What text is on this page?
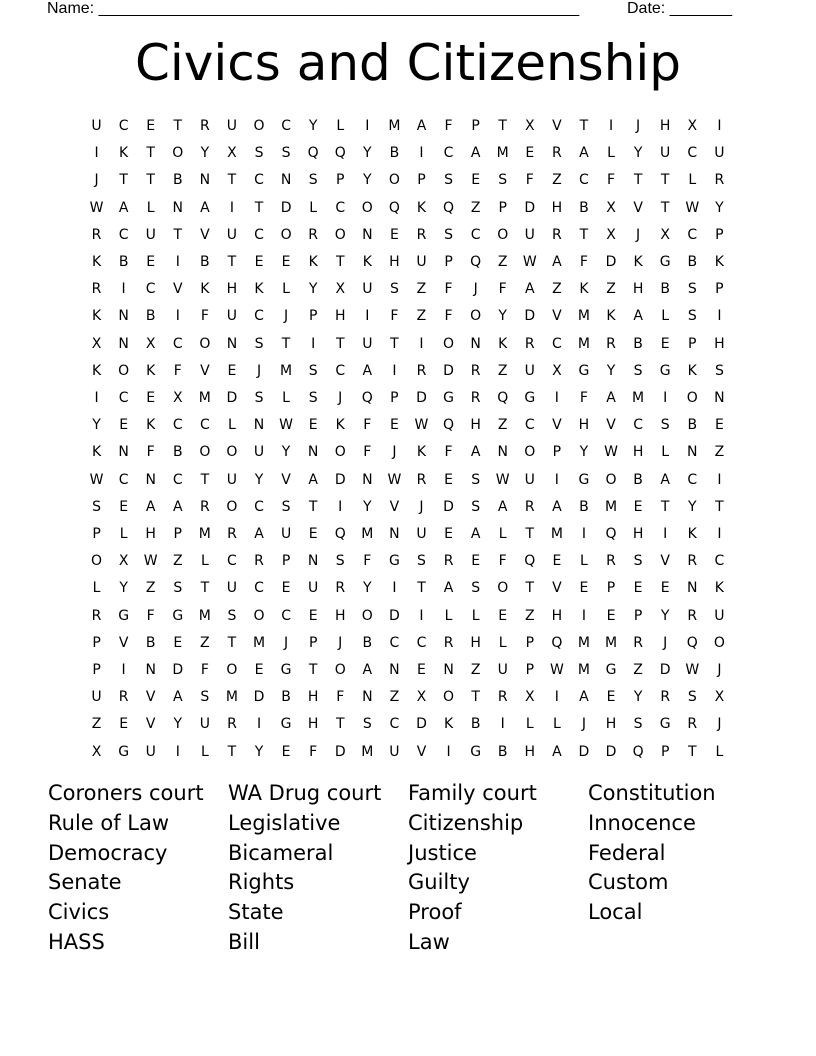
Name: ______________________________________________________	Date: _______
Civics and Citizenship
U	C	E	T	R	U	O	C	Y	L	I	M	A	F	P	T	X	V	T	I	J	H	X	I
I	K	T	O	Y	X	S	S	Q	Q	Y	B	I	C	A	M	E	R	A	L	Y	U	C	U
J	T	T	B	N	T	C	N	S	P	Y	O	P	S	E	S	F	Z	C	F	T	T	L	R
W	A	L	N	A	I	T	D	L	C	O	Q	K	Q	Z	P	D	H	B	X	V	T	W	Y
R	C	U	T	V	U	C	O	R	O	N	E	R	S	C	O	U	R	T	X	J	X	C	P
K	B	E	I	B	T	E	E	K	T	K	H	U	P	Q	Z	W	A	F	D	K	G	B	K
R	I	C	V	K	H	K	L	Y	X	U	S	Z	F	J	F	A	Z	K	Z	H	B	S	P
K	N	B	I	F	U	C	J	P	H	I	F	Z	F	O	Y	D	V	M	K	A	L	S	I
X	N	X	C	O	N	S	T	I	T	U	T	I	O	N	K	R	C	M	R	B	E	P	H
K	O	K	F	V	E	J	M	S	C	A	I	R	D	R	Z	U	X	G	Y	S	G	K	S
I	C	E	X	M	D	S	L	S	J	Q	P	D	G	R	Q	G	I	F	A	M	I	O	N
Y	E	K	C	C	L	N	W	E	K	F	E	W	Q	H	Z	C	V	H	V	C	S	B	E
K	N	F	B	O	O	U	Y	N	O	F	J	K	F	A	N	O	P	Y	W	H	L	N	Z
W	C	N	C	T	U	Y	V	A	D	N	W	R	E	S	W	U	I	G	O	B	A	C	I
S	E	A	A	R	O	C	S	T	I	Y	V	J	D	S	A	R	A	B	M	E	T	Y	T
P	L	H	P	M	R	A	U	E	Q	M	N	U	E	A	L	T	M	I	Q	H	I	K	I
O	X	W	Z	L	C	R	P	N	S	F	G	S	R	E	F	Q	E	L	R	S	V	R	C
L	Y	Z	S	T	U	C	E	U	R	Y	I	T	A	S	O	T	V	E	P	E	E	N	K
R	G	F	G	M	S	O	C	E	H	O	D	I	L	L	E	Z	H	I	E	P	Y	R	U
P	V	B	E	Z	T	M	J	P	J	B	C	C	R	H	L	P	Q	M	M	R	J	Q	O
P	I	N	D	F	O	E	G	T	O	A	N	E	N	Z	U	P	W	M	G	Z	D	W	J
U	R	V	A	S	M	D	B	H	F	N	Z	X	O	T	R	X	I	A	E	Y	R	S	X
Z	E	V	Y	U	R	I	G	H	T	S	C	D	K	B	I	L	L	J	H	S	G	R	J
X	G	U	I	L	T	Y	E	F	D	M	U	V	I	G	B	H	A	D	D	Q	P	T	L
Coroners court
Rule of Law
Democracy
Senate
Civics
HASS
WA Drug court
Legislative
Bicameral
Rights
State
Bill
Family court
Citizenship
Justice
Guilty
Proof
Law
Constitution
Innocence
Federal
Custom
Local
